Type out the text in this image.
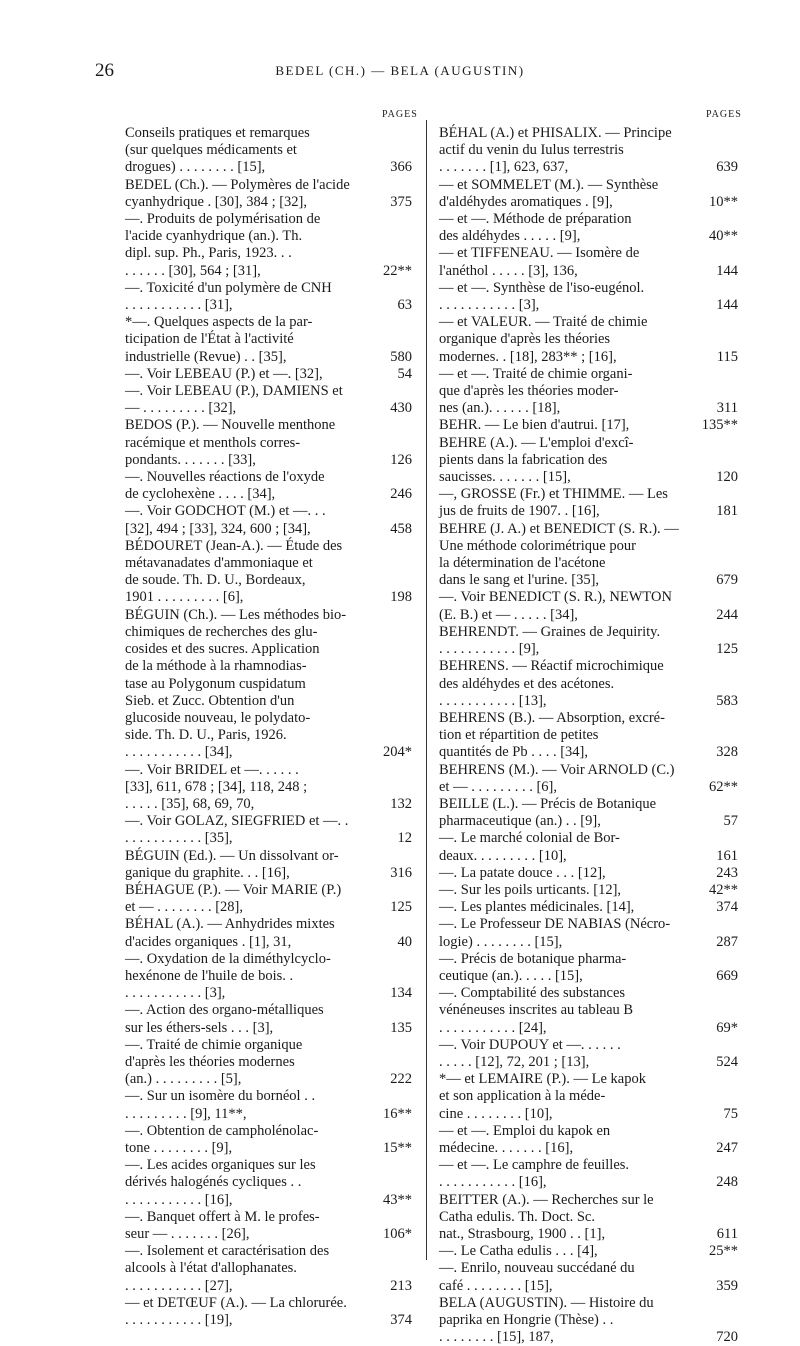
26	BEDEL (CH.) — BELA (AUGUSTIN)
PAGES	PAGES
Conseils pratiques et remarques
(sur quelques médicaments et
drogues) . . . . . . . . [15],	366
BEDEL (Ch.). — Polymères de l'acide
cyanhydrique . [30], 384 ; [32],	375
—. Produits de polymérisation de
l'acide cyanhydrique (an.). Th.
dipl. sup. Ph., Paris, 1923. . .
. . . . . . [30], 564 ; [31],	22**
—. Toxicité d'un polymère de CNH
. . . . . . . . . . . [31],	63
*—. Quelques aspects de la par-
ticipation de l'État à l'activité
industrielle (Revue) . . [35],	580
—. Voir LEBEAU (P.) et —. [32],	54
—. Voir LEBEAU (P.), DAMIENS et
— . . . . . . . . . [32],	430
BEDOS (P.). — Nouvelle menthone
racémique et menthols corres-
pondants. . . . . . . [33],	126
—. Nouvelles réactions de l'oxyde
de cyclohexène . . . . [34],	246
—. Voir GODCHOT (M.) et —. . .
[32], 494 ; [33], 324, 600 ; [34],	458
BÉDOURET (Jean-A.). — Étude des
métavanadates d'ammoniaque et
de soude. Th. D. U., Bordeaux,
1901 . . . . . . . . . [6],	198
BÉGUIN (Ch.). — Les méthodes bio-
chimiques de recherches des glu-
cosides et des sucres. Application
de la méthode à la rhamnodias-
tase au Polygonum cuspidatum
Sieb. et Zucc. Obtention d'un
glucoside nouveau, le polydato-
side. Th. D. U., Paris, 1926.
. . . . . . . . . . . [34],	204*
—. Voir BRIDEL et —. . . . . .
[33], 611, 678 ; [34], 118, 248 ;
. . . . . [35], 68, 69, 70,	132
—. Voir GOLAZ, SIEGFRIED et —. .
. . . . . . . . . . . [35],	12
BÉGUIN (Ed.). — Un dissolvant or-
ganique du graphite. . . [16],	316
BÉHAGUE (P.). — Voir MARIE (P.)
et — . . . . . . . . [28],	125
BÉHAL (A.). — Anhydrides mixtes
d'acides organiques . [1], 31,	40
—. Oxydation de la diméthylcyclo-
hexénone de l'huile de bois. .
. . . . . . . . . . . [3],	134
—. Action des organo-métalliques
sur les éthers-sels . . . [3],	135
—. Traité de chimie organique
d'après les théories modernes
(an.) . . . . . . . . . [5],	222
—. Sur un isomère du bornéol . .
. . . . . . . . . [9], 11**,	16**
—. Obtention de campholénolac-
tone . . . . . . . . [9],	15**
—. Les acides organiques sur les
dérivés halogénés cycliques . .
. . . . . . . . . . . [16],	43**
—. Banquet offert à M. le profes-
seur — . . . . . . . [26],	106*
—. Isolement et caractérisation des
alcools à l'état d'allophanates.
. . . . . . . . . . . [27],	213
— et DETŒUF (A.). — La chlorurée.
. . . . . . . . . . . [19],	374
BÉHAL (A.) et PHISALIX. — Principe
actif du venin du Iulus terrestris
. . . . . . . [1], 623, 637,	639
— et SOMMELET (M.). — Synthèse
d'aldéhydes aromatiques . [9],	10**
— et —. Méthode de préparation
des aldéhydes . . . . . [9],	40**
— et TIFFENEAU. — Isomère de
l'anéthol . . . . . [3], 136,	144
— et —. Synthèse de l'iso-eugénol.
. . . . . . . . . . . [3],	144
— et VALEUR. — Traité de chimie
organique d'après les théories
modernes. . [18], 283** ; [16],	115
— et —. Traité de chimie organi-
que d'après les théories moder-
nes (an.). . . . . . [18],	311
BEHR. — Le bien d'autrui. [17],	135**
BEHRE (A.). — L'emploi d'excî-
pients dans la fabrication des
saucisses. . . . . . . [15],	120
—, GROSSE (Fr.) et THIMME. — Les
jus de fruits de 1907. . [16],	181
BEHRE (J. A.) et BENEDICT (S. R.). —
Une méthode colorimétrique pour
la détermination de l'acétone
dans le sang et l'urine. [35],	679
—. Voir BENEDICT (S. R.), NEWTON
(E. B.) et — . . . . . [34],	244
BEHRENDT. — Graines de Jequirity.
. . . . . . . . . . . [9],	125
BEHRENS. — Réactif microchimique
des aldéhydes et des acétones.
. . . . . . . . . . . [13],	583
BEHRENS (B.). — Absorption, excré-
tion et répartition de petites
quantités de Pb . . . . [34],	328
BEHRENS (M.). — Voir ARNOLD (C.)
et — . . . . . . . . . [6],	62**
BEILLE (L.). — Précis de Botanique
pharmaceutique (an.) . . [9],	57
—. Le marché colonial de Bor-
deaux. . . . . . . . . [10],	161
—. La patate douce . . . [12],	243
—. Sur les poils urticants. [12],	42**
—. Les plantes médicinales. [14],	374
—. Le Professeur DE NABIAS (Nécro-
logie) . . . . . . . . [15],	287
—. Précis de botanique pharma-
ceutique (an.). . . . . [15],	669
—. Comptabilité des substances
vénéneuses inscrites au tableau B
. . . . . . . . . . . [24],	69*
—. Voir DUPOUY et —. . . . . .
. . . . . [12], 72, 201 ; [13],	524
*— et LEMAIRE (P.). — Le kapok
et son application à la méde-
cine . . . . . . . . [10],	75
— et —. Emploi du kapok en
médecine. . . . . . . [16],	247
— et —. Le camphre de feuilles.
. . . . . . . . . . . [16],	248
BEITTER (A.). — Recherches sur le
Catha edulis. Th. Doct. Sc.
nat., Strasbourg, 1900 . . [1],	611
—. Le Catha edulis . . . [4],	25**
—. Enrilo, nouveau succédané du
café . . . . . . . . [15],	359
BELA (AUGUSTIN). — Histoire du
paprika en Hongrie (Thèse) . .
. . . . . . . . [15], 187,	720
